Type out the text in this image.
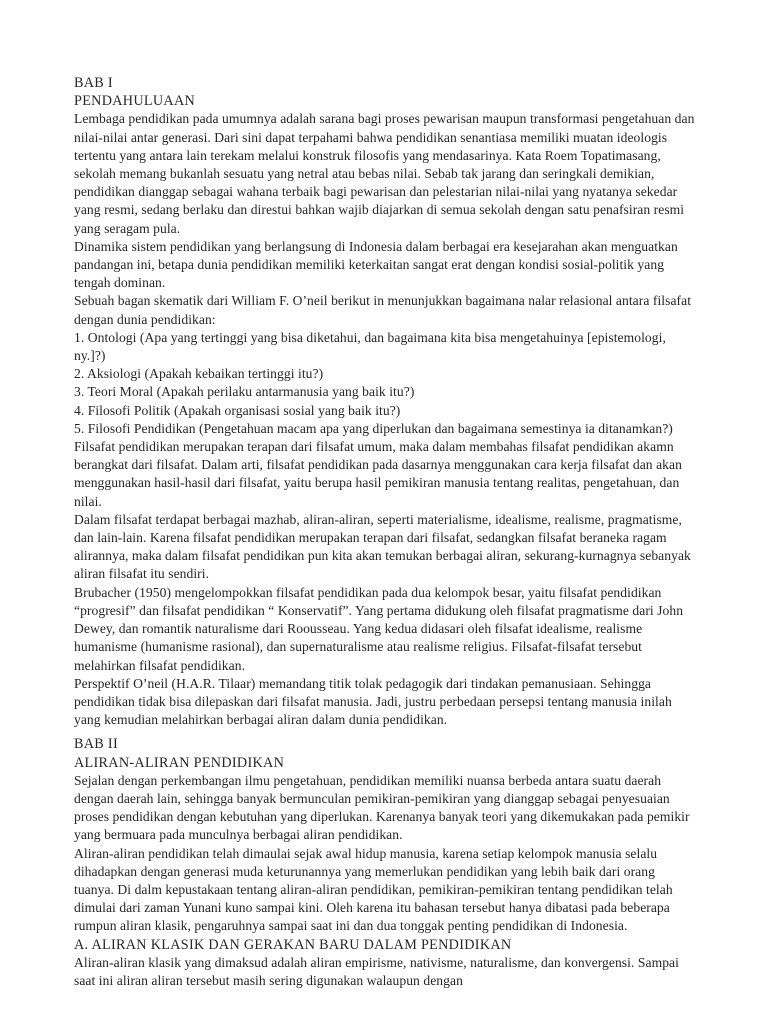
BAB I

PENDAHULUAAN

Lembaga pendidikan pada umumnya adalah sarana bagi proses pewarisan maupun transformasi pengetahuan dan nilai-nilai antar generasi. Dari sini dapat terpahami bahwa pendidikan senantiasa memiliki muatan ideologis tertentu yang antara lain terekam melalui konstruk filosofis yang mendasarinya. Kata Roem Topatimasang, sekolah memang bukanlah sesuatu yang netral atau bebas nilai. Sebab tak jarang dan seringkali demikian, pendidikan dianggap sebagai wahana terbaik bagi pewarisan dan pelestarian nilai-nilai yang nyatanya sekedar yang resmi, sedang berlaku dan direstui bahkan wajib diajarkan di semua sekolah dengan satu penafsiran resmi yang seragam pula.

Dinamika sistem pendidikan yang berlangsung di Indonesia dalam berbagai era kesejarahan akan menguatkan pandangan ini, betapa dunia pendidikan memiliki keterkaitan sangat erat dengan kondisi sosial-politik yang tengah dominan.

Sebuah bagan skematik dari William F. O’neil berikut in menunjukkan bagaimana nalar relasional antara filsafat dengan dunia pendidikan:

1. Ontologi (Apa yang tertinggi yang bisa diketahui, dan bagaimana kita bisa mengetahuinya [epistemologi, ny.]?)

2. Aksiologi (Apakah kebaikan tertinggi itu?)

3. Teori Moral (Apakah perilaku antarmanusia yang baik itu?)

4. Filosofi Politik (Apakah organisasi sosial yang baik itu?)

5. Filosofi Pendidikan (Pengetahuan macam apa yang diperlukan dan bagaimana semestinya ia ditanamkan?)

Filsafat pendidikan merupakan terapan dari filsafat umum, maka dalam membahas filsafat pendidikan akamn berangkat dari filsafat. Dalam arti, filsafat pendidikan pada dasarnya menggunakan cara kerja filsafat dan akan menggunakan hasil-hasil dari filsafat, yaitu berupa hasil pemikiran manusia tentang realitas, pengetahuan, dan nilai.

Dalam filsafat terdapat berbagai mazhab, aliran-aliran, seperti materialisme, idealisme, realisme, pragmatisme, dan lain-lain. Karena filsafat pendidikan merupakan terapan dari filsafat, sedangkan filsafat beraneka ragam alirannya, maka dalam filsafat pendidikan pun kita akan temukan berbagai aliran, sekurang-kurnagnya sebanyak aliran filsafat itu sendiri.

Brubacher (1950) mengelompokkan filsafat pendidikan pada dua kelompok besar, yaitu filsafat pendidikan “progresif” dan filsafat pendidikan “ Konservatif”. Yang pertama didukung oleh filsafat pragmatisme dari John Dewey, dan romantik naturalisme dari Roousseau. Yang kedua didasari oleh filsafat idealisme, realisme humanisme (humanisme rasional), dan supernaturalisme atau realisme religius. Filsafat-filsafat tersebut melahirkan filsafat pendidikan.

Perspektif O’neil (H.A.R. Tilaar) memandang titik tolak pedagogik dari tindakan pemanusiaan. Sehingga pendidikan tidak bisa dilepaskan dari filsafat manusia. Jadi, justru perbedaan persepsi tentang manusia inilah yang kemudian melahirkan berbagai aliran dalam dunia pendidikan.

BAB II

ALIRAN-ALIRAN PENDIDIKAN

Sejalan dengan perkembangan ilmu pengetahuan, pendidikan memiliki nuansa berbeda antara suatu daerah dengan daerah lain, sehingga banyak bermunculan pemikiran-pemikiran yang dianggap sebagai penyesuaian proses pendidikan dengan kebutuhan yang diperlukan. Karenanya banyak teori yang dikemukakan pada pemikir yang bermuara pada munculnya berbagai aliran pendidikan.

Aliran-aliran pendidikan telah dimaulai sejak awal hidup manusia, karena setiap kelompok manusia selalu dihadapkan dengan generasi muda keturunannya yang memerlukan pendidikan yang lebih baik dari orang tuanya. Di dalm kepustakaan tentang aliran-aliran pendidikan, pemikiran-pemikiran tentang pendidikan telah dimulai dari zaman Yunani kuno sampai kini. Oleh karena itu bahasan tersebut hanya dibatasi pada beberapa rumpun aliran klasik, pengaruhnya sampai saat ini dan dua tonggak penting pendidikan di Indonesia.

A. ALIRAN KLASIK DAN GERAKAN BARU DALAM PENDIDIKAN

Aliran-aliran klasik yang dimaksud adalah aliran empirisme, nativisme, naturalisme, dan konvergensi. Sampai saat ini aliran aliran tersebut masih sering digunakan walaupun dengan
